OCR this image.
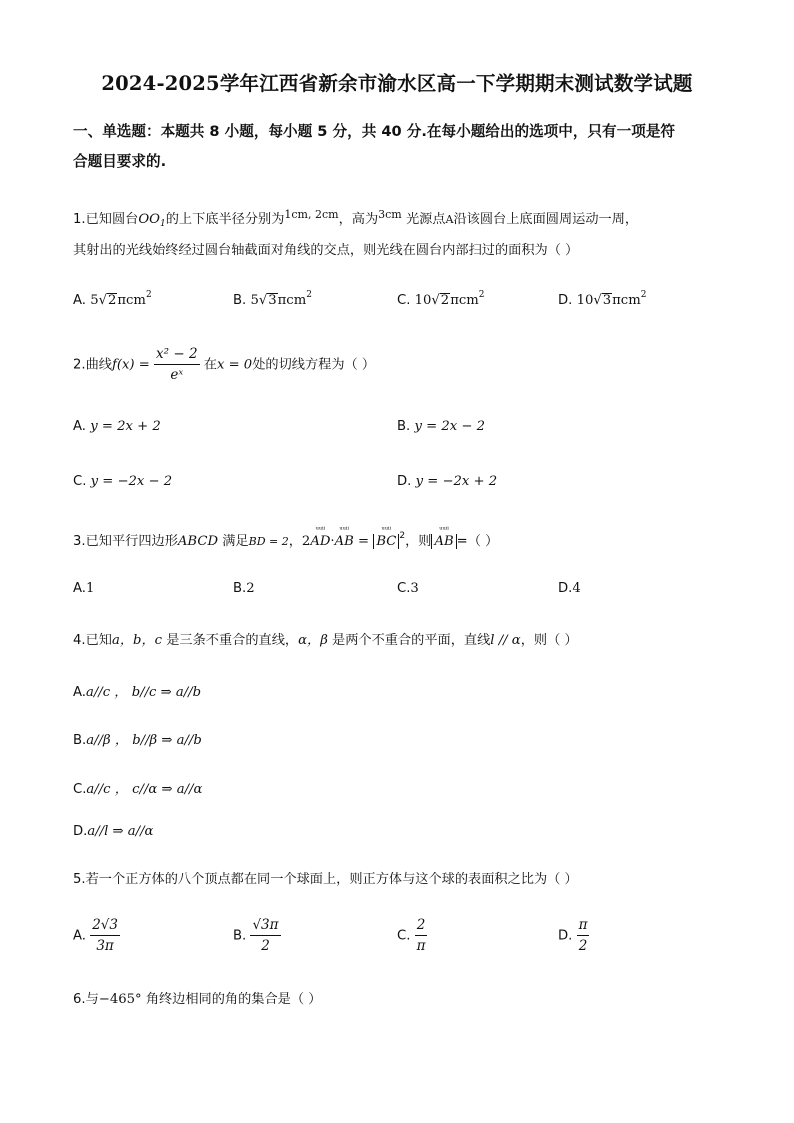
2024-2025学年江西省新余市渝水区高一下学期期末测试数学试题
一、单选题：本题共 8 小题，每小题 5 分，共 40 分.在每小题给出的选项中，只有一项是符
合题目要求的.
1.已知圆台$OO_1$的上下底半径分别为$^{1cm, 2cm}$，高为$^{3cm}$ 光源点A沿该圆台上底面圆周运动一周，
其射出的光线始终经过圆台轴截面对角线的交点，则光线在圆台内部扫过的面积为（ ）
A. 5√2πcm$^2$	B. 5√3πcm$^2$	C. 10√2πcm$^2$	D. 10√3πcm$^2$
2.曲线$f(x) = \frac{\text{x² − 2}}{\text{eˣ}}$ 在x = 0处的切线方程为（ ）
A. y = 2x + 2	B. y = 2x − 2
C. y = −2x − 2	D. y = −2x + 2
3.已知平行四边形ABCD 满足BD = 2，2
ᵘᵘⁱⁱ
AD·
ᵘᵘⁱⁱ
AB =
ᵘᵘⁱⁱ
BC $^2$，则
ᵘᵘⁱⁱ
AB =（ ）
A.1	B.2	C.3	D.4
4.已知a，b，c 是三条不重合的直线，α，β 是两个不重合的平面，直线l // α，则（ ）
A.a//c ， b//c ⇒ a//b
B.a//β ， b//β ⇒ a//b
C.a//c ， c//α ⇒ a//α
D.a//l ⇒ a//α
5.若一个正方体的八个顶点都在同一个球面上，则正方体与这个球的表面积之比为（ ）
A. $\frac{2√3}{3\pi}$	B. $\frac{√3\pi}{2}$	C. $\frac{2}{\pi}$	D. $\frac{\pi}{2}$
6.与−465° 角终边相同的角的集合是（ ）
